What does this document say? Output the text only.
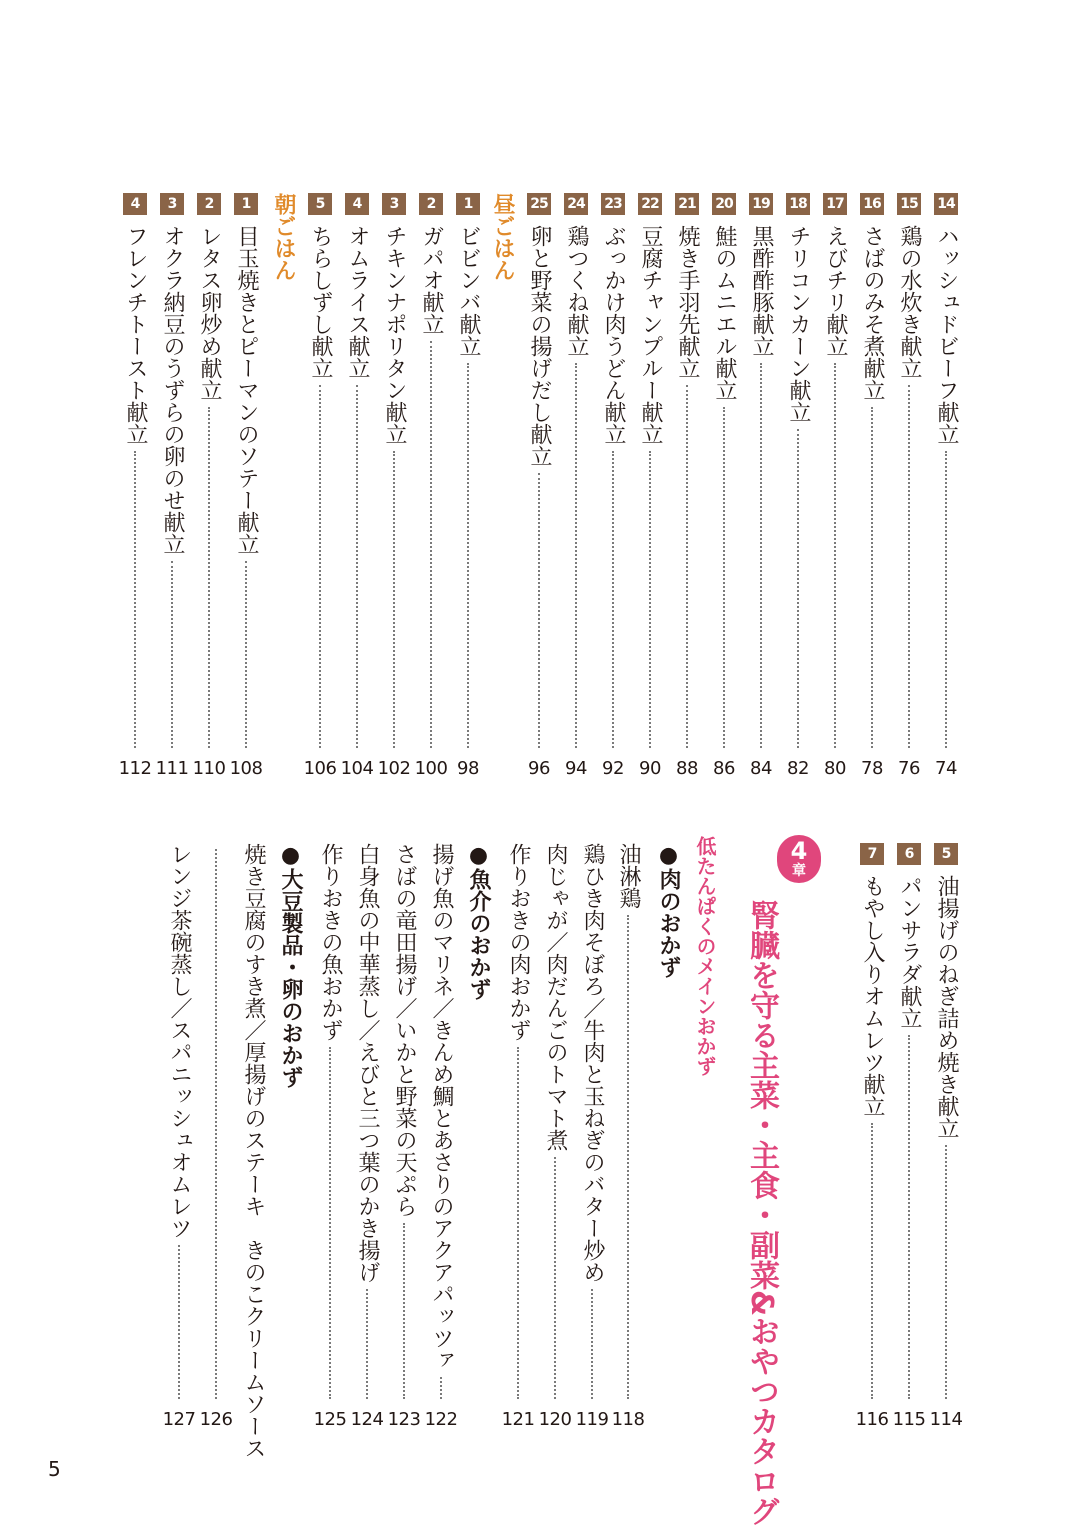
14
ハッシュドビーフ献立
74
15
鶏の水炊き献立
76
16
さばのみそ煮献立
78
17
えびチリ献立
80
18
チリコンカーン献立
82
19
黒酢酢豚献立
84
20
鮭のムニエル献立
86
21
焼き手羽先献立
88
22
豆腐チャンプルー献立
90
23
ぶっかけ肉うどん献立
92
24
鶏つくね献立
94
25
卵と野菜の揚げだし献立
96
昼ごはん
1
ビビンバ献立
98
2
ガパオ献立
100
3
チキンナポリタン献立
102
4
オムライス献立
104
5
ちらしずし献立
106
朝ごはん
1
目玉焼きとピーマンのソテー献立
108
2
レタス卵炒め献立
110
3
オクラ納豆のうずらの卵のせ献立
111
4
フレンチトースト献立
112
5
油揚げのねぎ詰め焼き献立
114
6
パンサラダ献立
115
7
もやし入りオムレツ献立
116
4
章
腎臓を守る主菜・主食・副菜&おやつカタログ
低たんぱくのメインおかず
●肉のおかず
油淋鶏
118
鶏ひき肉そぼろ／牛肉と玉ねぎのバター炒め
119
肉じゃが／肉だんごのトマト煮
120
作りおきの肉おかず
121
●魚介のおかず
揚げ魚のマリネ／きんめ鯛とあさりのアクアパッツァ
122
さばの竜田揚げ／いかと野菜の天ぷら
123
白身魚の中華蒸し／えびと三つ葉のかき揚げ
124
作りおきの魚おかず
125
●大豆製品・卵のおかず
焼き豆腐のすき煮／厚揚げのステーキ　きのこクリームソース
126
レンジ茶碗蒸し／スパニッシュオムレツ
127
5
